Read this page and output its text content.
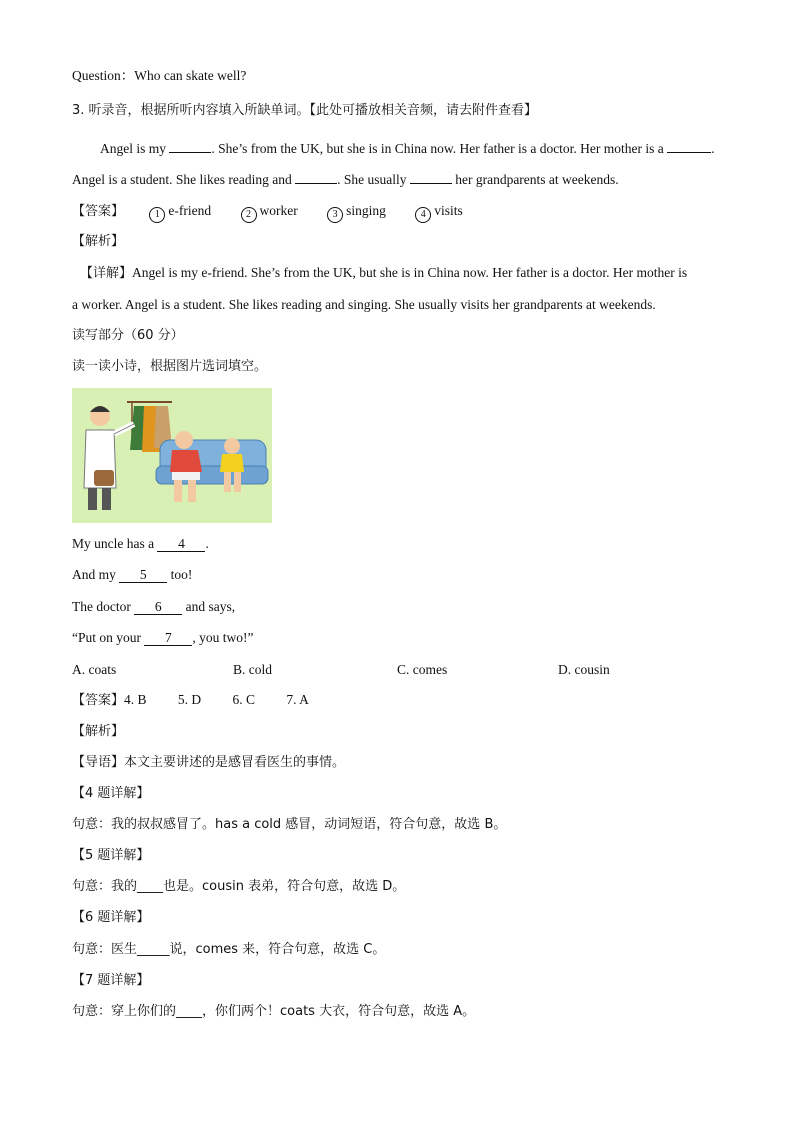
Question：Who can skate well?
3. 听录音，根据所听内容填入所缺单词。【此处可播放相关音频，请去附件查看】
Angel is my	. She’s from the UK, but she is in China now. Her father is a doctor. Her mother is a	.
Angel is a student. She likes reading and	. She usually	her grandparents at weekends.
【答案】	1 e-friend	2 worker	3 singing	4 visits
【解析】
【详解】Angel is my e-friend. She’s from the UK, but she is in China now. Her father is a doctor. Her mother is
a worker. Angel is a student. She likes reading and singing. She usually visits her grandparents at weekends.
读写部分（60 分）
读一读小诗，根据图片选词填空。
My uncle has a 4 .
And my 5 too!
The doctor 6 and says,
“Put on your 7 , you two!”
A. coats	B. cold	C. comes	D. cousin
【答案】4. B 5. D 6. C 7. A
【解析】
【导语】本文主要讲述的是感冒看医生的事情。
【4 题详解】
句意：我的叔叔感冒了。has a cold 感冒，动词短语，符合句意，故选 B。
【5 题详解】
句意：我的____也是。cousin 表弟，符合句意，故选 D。
【6 题详解】
句意：医生_____说，comes 来，符合句意，故选 C。
【7 题详解】
句意：穿上你们的____，你们两个！coats 大衣，符合句意，故选 A。
